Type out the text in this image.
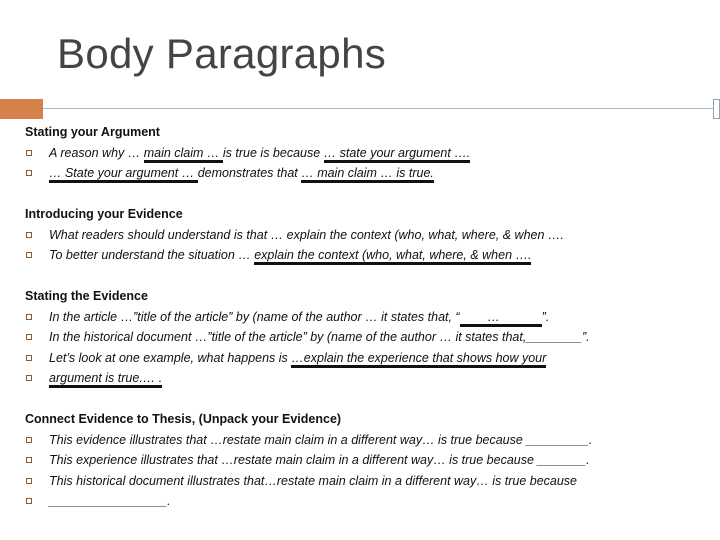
Body Paragraphs
Stating your Argument
A reason why … main claim … is true is because … state your argument ….
… State your argument … demonstrates that … main claim … is true.
Introducing your Evidence
What readers should understand is that … explain the context (who, what, where, & when ….
To better understand the situation … explain the context (who, what, where, & when ….
Stating the Evidence
In the article …”title of the article” by (name of the author … it states that, “        …            ”.
In the historical document …”title of the article” by (name of the author … it states that,________”.
Let’s look at one example, what happens is …explain the experience that shows how your
argument is true.… .
Connect Evidence to Thesis, (Unpack your Evidence)
This evidence illustrates that …restate main claim in a different way… is true because _________.
This experience illustrates that …restate main claim in a different way… is true because _______.
This historical document illustrates that…restate main claim in a different way… is true because
_________________.
